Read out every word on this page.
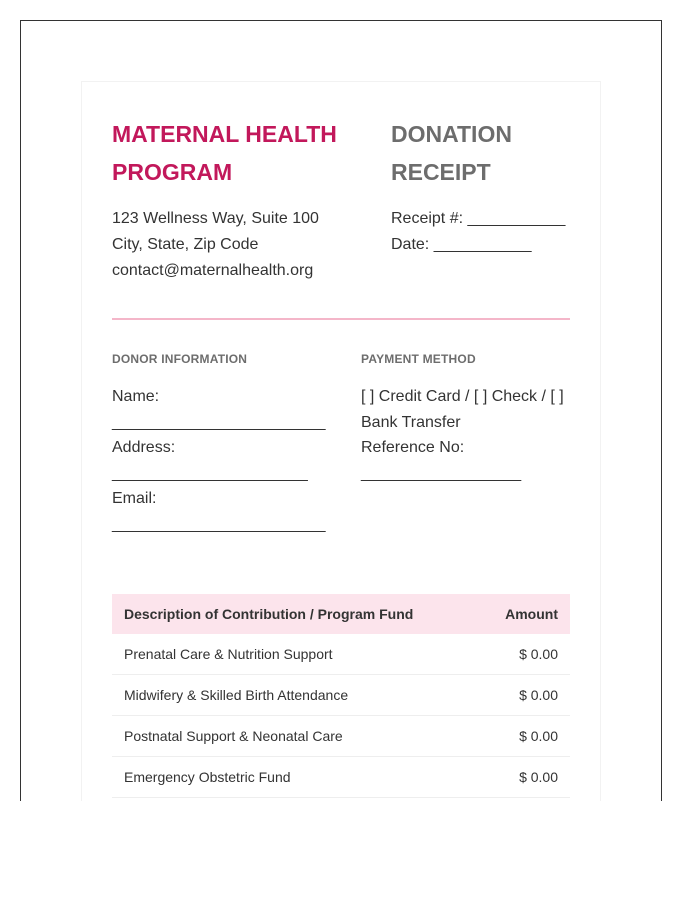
MATERNAL HEALTH PROGRAM
DONATION RECEIPT
123 Wellness Way, Suite 100
City, State, Zip Code
contact@maternalhealth.org
Receipt #: ___________
Date: ___________
DONOR INFORMATION	PAYMENT METHOD
Name:
________________________
Address:
______________________
Email:
________________________
[ ] Credit Card / [ ] Check / [ ] Bank Transfer
Reference No:
__________________
Description of Contribution / Program Fund	Amount
Prenatal Care & Nutrition Support	$ 0.00
Midwifery & Skilled Birth Attendance	$ 0.00
Postnatal Support & Neonatal Care	$ 0.00
Emergency Obstetric Fund	$ 0.00
